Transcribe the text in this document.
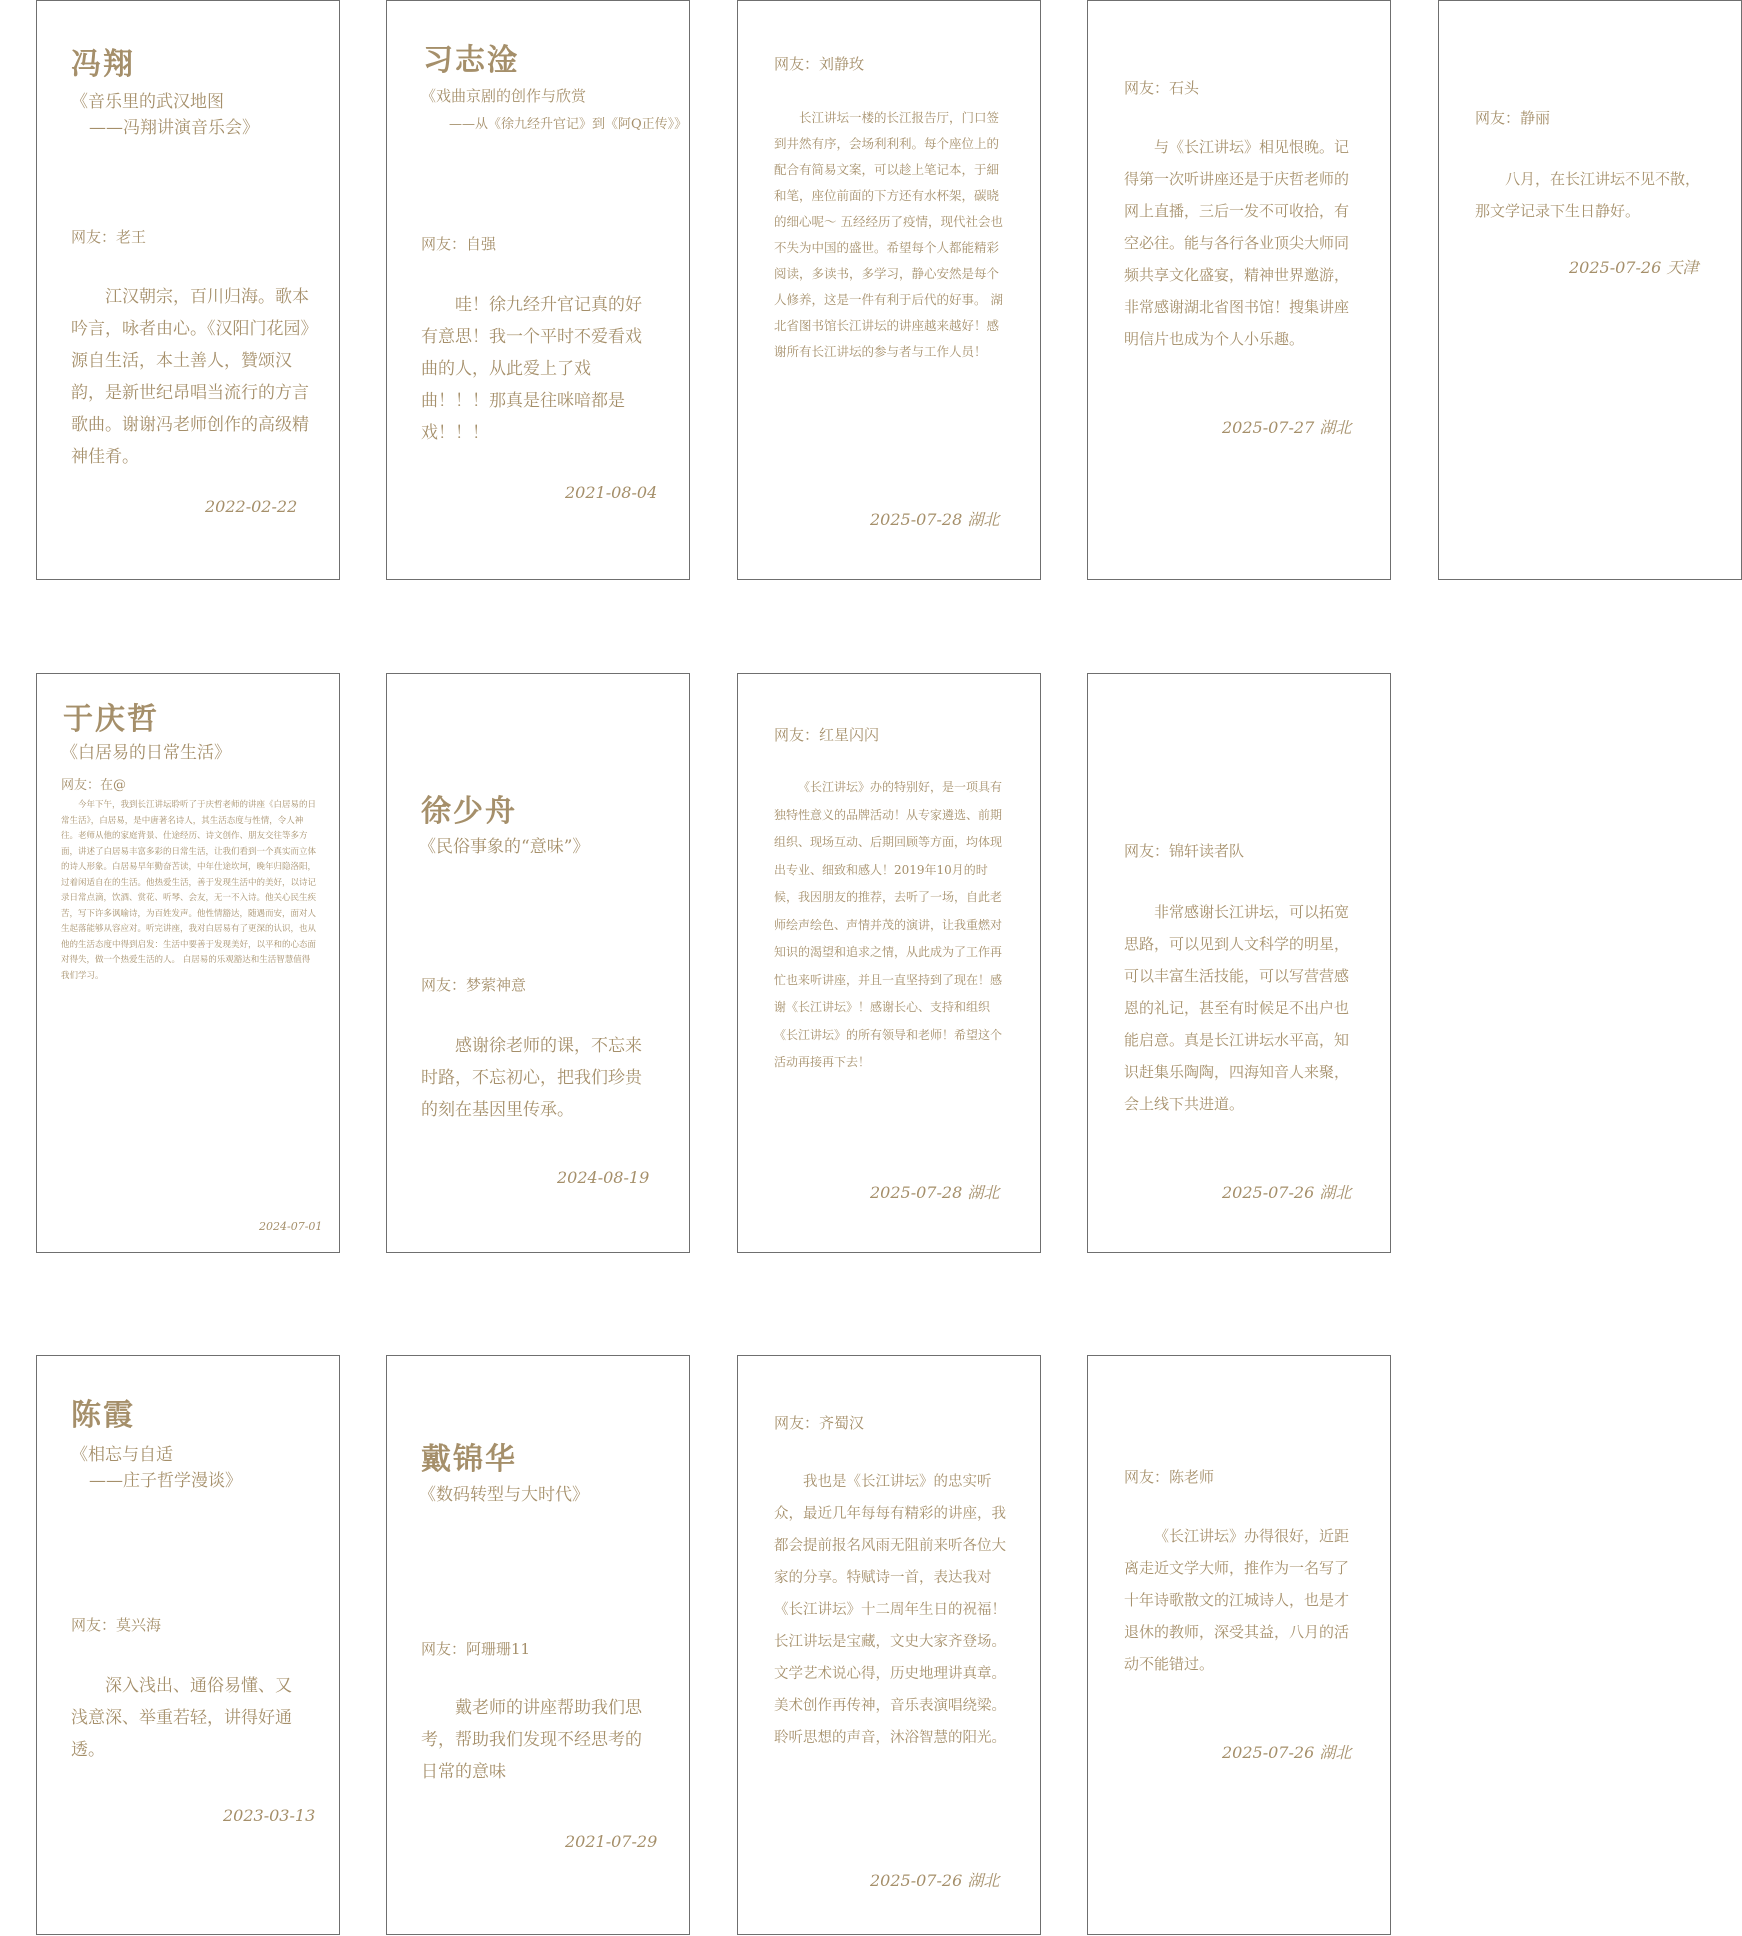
冯翔
《音乐里的武汉地图
——冯翔讲演音乐会》
网友：老王
江汉朝宗，百川归海。歌本吟言，咏者由心。《汉阳门花园》源自生活，本土善人，贊颂汉韵，是新世纪昂唱当流行的方言歌曲。谢谢冯老师创作的高级精神佳肴。
2022-02-22
习志淦
《戏曲京剧的创作与欣赏
——从《徐九经升官记》到《阿Q正传》》
网友：自强
哇！徐九经升官记真的好有意思！我一个平时不爱看戏曲的人，从此爱上了戏曲！！！那真是往咪喑都是戏！！！
2021-08-04
网友：刘静玫
长江讲坛一楼的长江报告厅，门口签到井然有序，会场利利利。每个座位上的配合有简易文案，可以趁上笔记本，于細和笔，座位前面的下方还有水杯架，碳晓的细心呢～ 五经经历了疫情，现代社会也不失为中国的盛世。希望每个人都能精彩阅读，多读书，多学习，静心安然是每个人修养，这是一件有利于后代的好事。 湖北省图书馆长江讲坛的讲座越来越好！感谢所有长江讲坛的参与者与工作人员！
2025-07-28 湖北
网友：石头
与《长江讲坛》相见恨晚。记得第一次听讲座还是于庆哲老师的网上直播，三后一发不可收拾，有空必往。能与各行各业顶尖大师同频共享文化盛宴，精神世界邀游，非常感谢湖北省图书馆！搜集讲座明信片也成为个人小乐趣。
2025-07-27 湖北
网友：静丽
八月，在长江讲坛不见不散，那文学记录下生日静好。
2025-07-26 天津
于庆哲
《白居易的日常生活》
网友：在@
今年下午，我到长江讲坛聆听了于庆哲老师的讲座《白居易的日常生活》，白居易，是中唐著名诗人，其生活态度与性情，令人神往。老师从他的家庭背景、仕途经历、诗文创作、朋友交往等多方面，讲述了白居易丰富多彩的日常生活，让我们看到一个真实而立体的诗人形象。白居易早年勤奋苦读，中年仕途坎坷，晚年归隐洛阳，过着闲适自在的生活。他热爱生活，善于发现生活中的美好，以诗记录日常点滴，饮酒、赏花、听琴、会友，无一不入诗。他关心民生疾苦，写下许多讽喻诗，为百姓发声。他性情豁达，随遇而安，面对人生起落能够从容应对。听完讲座，我对白居易有了更深的认识，也从他的生活态度中得到启发：生活中要善于发现美好，以平和的心态面对得失，做一个热爱生活的人。 白居易的乐观豁达和生活智慧值得我们学习。
2024-07-01
徐少舟
《民俗事象的“意味”》
网友：梦萦神意
感谢徐老师的课，不忘来时路，不忘初心，把我们珍贵的刻在基因里传承。
2024-08-19
网友：红星闪闪
《长江讲坛》办的特别好，是一项具有独特性意义的品牌活动！从专家遴选、前期组织、现场互动、后期回顾等方面，均体现出专业、细致和感人！2019年10月的时候，我因朋友的推荐，去听了一场，自此老师绘声绘色、声情并茂的演讲，让我重燃对知识的渴望和追求之情，从此成为了工作再忙也来听讲座，并且一直坚持到了现在！感谢《长江讲坛》！感谢长心、支持和组织《长江讲坛》的所有领导和老师！希望这个活动再接再下去！
2025-07-28 湖北
网友：锦轩读者队
非常感谢长江讲坛，可以拓宽思路，可以见到人文科学的明星，可以丰富生活技能，可以写营营感恩的礼记，甚至有时候足不出户也能启意。真是长江讲坛水平高，知识赶集乐陶陶，四海知音人来聚，会上线下共进道。
2025-07-26 湖北
陈霞
《相忘与自适
——庄子哲学漫谈》
网友：莫兴海
深入浅出、通俗易懂、又浅意深、举重若轻，讲得好通透。
2023-03-13
戴锦华
《数码转型与大时代》
网友：阿珊珊11
戴老师的讲座帮助我们思考，帮助我们发现不经思考的日常的意味
2021-07-29
网友：齐蜀汉
我也是《长江讲坛》的忠实听众，最近几年每每有精彩的讲座，我都会提前报名风雨无阻前来听各位大家的分享。特赋诗一首，表达我对《长江讲坛》十二周年生日的祝福！ 长江讲坛是宝藏，文史大家齐登场。文学艺术说心得，历史地理讲真章。美术创作再传神，音乐表演唱绕梁。聆听思想的声音，沐浴智慧的阳光。
2025-07-26 湖北
网友：陈老师
《长江讲坛》办得很好，近距离走近文学大师，推作为一名写了十年诗歌散文的江城诗人，也是才退休的教师，深受其益，八月的活动不能错过。
2025-07-26 湖北
